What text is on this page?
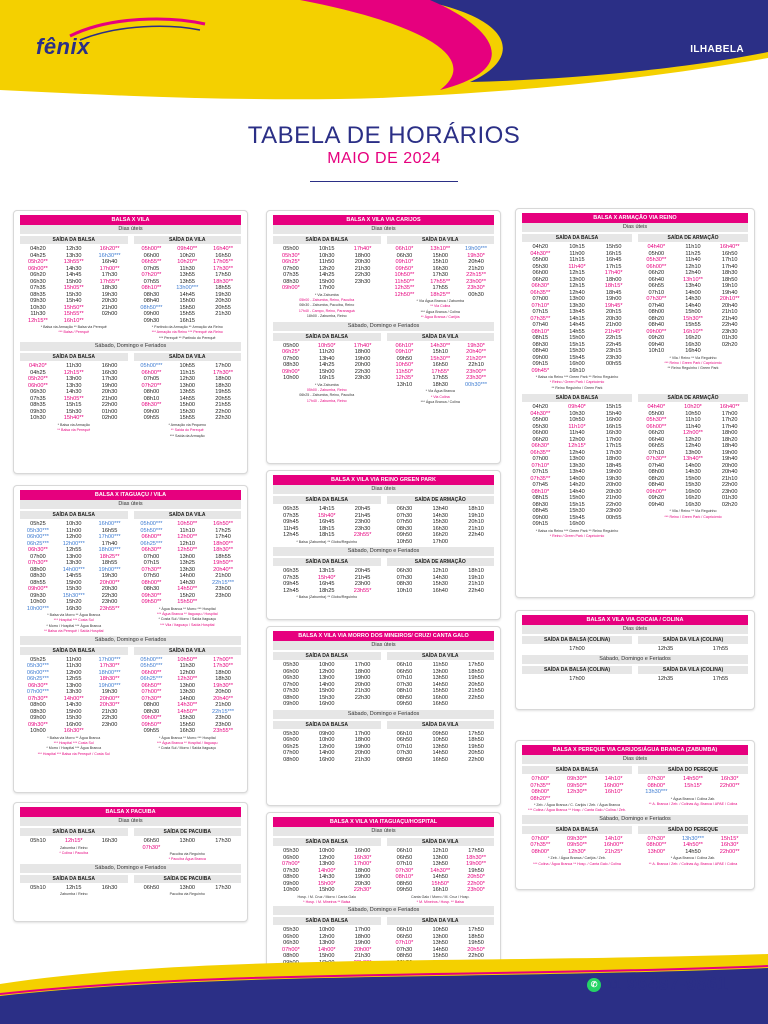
fênix	ILHABELA
TABELA DE HORÁRIOS
MAIO DE 2024
BALSA X VILA
Dias úteis
SAÍDA DA BALSA
04h20	12h30	16h20**
04h25	13h30	16h30***
05h20**	13h55**	16h40
06h00**	14h30	17h00**
06h20	14h45	17h30
06h30	15h00	17h55**
07h35	15h05**	18h30
08h35	15h30	19h30
09h30	15h40	20h30
10h30	15h50**	21h00
11h30	15h55**	02h00
12h15**	16h10**
* Balsa via Armação ** Balsa via Perequê
*** Balsa / Perequê
SAÍDA DA VILA
05h00**	09h40**	16h40**
06h00	10h20	16h50
06h55**	10h20**	17h05**
07h05	11h30	17h30**
07h20**	13h55	17h50
07h55	13h55	18h30**
08h10**	13h00***	18h55
08h30	14h45	19h30
08h40	15h00	20h30
08h50***	15h50	20h55
09h00	15h55	21h30
09h30	16h15
* Partindo da Armação ** Armação via Reino
*** Armação via Reino *** Perequê via Reino
*** Perequê ** Partindo do Perequê
Sábado, Domingo e Feriados
SAÍDA DA BALSA
04h20*	11h30	16h00
04h25	12h15**	16h30
05h20**	13h00	17h30
06h00**	13h30	19h00
06h30	14h30	20h30
07h35	15h05**	21h00
08h35	15h15	22h00
09h30	15h30	01h00
10h30	15h40**	02h00
* Balsa via Armação
** Balsa via Perequê
SAÍDA DA VILA
05h00***	10h55	17h00
06h00**	11h15	17h30**
07h05	12h30	18h00
07h20**	13h00	18h30
08h00	13h55	19h55
08h10	14h55	20h55
08h30**	15h00	21h55
09h00	15h30	22h00
09h55	15h55	22h30
* Armação via Pequeno
** Saída do Perequê
*** Saída da Armação
BALSA X ITAGUAÇU / VILA
Dias úteis
SAÍDA DA BALSA
05h25	10h30	16h00***
05h30***	11h00	16h55
06h00***	12h00	17h00***
06h25***	12h00***	17h40
06h30**	12h55	18h00***
07h00	13h00	18h25**
07h30**	13h30	18h55
08h00	14h00***	19h00***
08h30	14h55	19h30
08h55	15h00	20h00**
09h00**	15h30	20h30
09h30	15h30***	22h30
10h00	15h20	23h00
10h00***	16h30	23h55**
* Balsa via Morro ** Água Branca
*** Hospital *** Costa Sul
* Morro / Hospital *** Água Branca
** Balsa via Perequê / Saída Hospital
SAÍDA DA VILA
05h00***	10h50**	16h50**
05h50***	11h10	17h25
06h00**	12h00**	17h40
06h25***	12h10	18h00**
06h30**	12h50**	18h30**
07h00	13h00	18h55
07h15	13h25	19h50**
07h30**	13h30	20h40**
07h50	14h00	21h00
08h00**	14h30	22h15***
08h30	14h50**	23h00
09h30**	15h20	23h00
09h50**	15h50**
* Água Branca ** Morro *** Hospital
*** Água Branca ** Itaguaçu / Hospital
* Costa Sul / Morro / Saída Itaguaçu
*** Vila / Itaguaçu / Saída Hospital
Sábado, Domingo e Feriados
SAÍDA DA BALSA
05h25	11h00	17h00***
05h30***	11h30	17h30**
06h00***	12h00	18h00***
06h25***	12h55	18h30**
06h30**	13h00	19h00***
07h00***	13h30	19h30
07h30**	14h00**	20h00**
08h00	14h30	20h30**
08h30	15h00	21h30
09h00	15h30	22h30
09h30**	16h00	23h00
10h00	16h30**
* Balsa via Morro ** Água Branca
*** Hospital *** Costa Sul
* Morro / Hospital *** Água Branca
*** Hospital *** Balsa via Perequê / Costa Sul
SAÍDA DA VILA
05h00***	10h50**	17h00**
05h50***	11h30	17h30**
06h00**	12h00	18h00
06h25***	12h30**	18h30
06h50**	13h00	19h30**
07h00**	13h30	20h00
07h30**	14h00	20h40**
08h00	14h30**	21h00
08h30	14h50**	22h15***
09h00**	15h30	23h00
09h50**	15h50	23h00
09h55	16h30	23h55**
* Água Branca ** Morro *** Hospital
*** Água Branca ** Hospital / Itaguaçu
* Costa Sul / Morro / Saída Itaguaçu
BALSA X PACUIBA
Dias úteis
SAÍDA DA BALSA
05h10	12h15*	16h30
Zabumba / Reino
* Colina / Pacuíba
SAÍDA DE PACUIBA
06h50	13h00	17h30
07h30*
Pacuíba via Reguinho
* Pacuíba Água Branca
Sábado, Domingo e Feriados
SAÍDA DA BALSA
05h10	12h15	16h30
Zabumba / Reino
SAÍDA DE PACUIBA
06h50	13h00	17h30
Pacuíba via Reguinho
BALSA X VILA VIA CARIJOS
Dias úteis
SAÍDA DA BALSA
05h00	10h15	17h40*
05h30*	10h30	18h00
06h25*	11h50	20h30
07h00	12h20	21h30
07h35	14h25	22h30
08h30	15h00	23h30
09h00*	17h00
* Via Zabumba
05h00 - Zabumba, Reino, Pacuíba
06h30 - Zabumba, Pacuíba, Reino
17h40 - Campo, Reino, Paranaguá
18h00 - Zabumba, Reino
SAÍDA DA VILA
06h10*	13h10**	19h00***
06h30	15h00	19h30*
09h10*	15h10	20h40
09h50*	16h30	21h20
10h50**	17h30	22h15**
11h50**	17h55**	23h00**
12h35**	17h55	23h30*
12h50**	18h25**	00h30
* Via Água Branca / Zabumba
** Via Colina
*** Água Branca / Colina
** Água Branca / Carijós
Sábado, Domingo e Feriados
SAÍDA DA BALSA
05h00	10h50*	17h40*
06h25*	11h20	18h00
07h00	13h40	19h00
08h30	14h25	20h00
09h00*	15h00	22h30
10h00	16h15	23h30
* Via Zabumba
05h00 - Zabumba, Reino
06h25 - Zabumba, Reino, Pacuíba
17h40 - Zabumba, Reino
SAÍDA DA VILA
06h10*	14h30**	19h30*
09h10*	15h10	20h40**
09h50	15h30**	21h20**
10h50*	16h50	22h10
11h50*	17h55*	23h00**
12h35*	17h55	23h30**
13h10	18h30	00h30***
* Via Água Branca
* Via Colina
*** Água Branca / Colina
BALSA X VILA VIA REINO GREEN PARK
Dias úteis
SAÍDA DA BALSA
06h35	14h15	20h45
07h35	15h40*	21h45
09h45	16h45	23h00
11h45	18h15	23h30
12h45	18h15	23h55*
* Balsa (Zabumba) ** Globo/Reguinho
SAÍDA DE ARMAÇÃO
06h30	13h40	18h10
07h30	14h30	19h10
07h50	15h30	20h10
08h30	16h30	21h10
09h50	16h20	22h40
10h50	17h00
Sábado, Domingo e Feriados
SAÍDA DA BALSA
06h35	13h15	20h45
07h35	15h40*	21h45
09h45	16h45	23h00
12h45	18h25	23h55*
* Balsa (Zabumba) ** Globo/Reguinho
SAÍDA DE ARMAÇÃO
06h30	12h10	18h10
07h30	14h30	19h10
08h30	15h30	21h10
10h10	16h40	22h40
BALSA X VILA VIA MORRO DOS MINEIROS/ CRUZ/ CANTA GALO
Dias úteis
SAÍDA DA BALSA
05h30	10h00	17h00
06h00	12h00	18h00
06h30	13h00	19h00
07h00	14h00	20h00
07h30	15h00	21h30
08h00	15h30	22h30
09h00	16h00
SAÍDA DA VILA
06h10	11h50	17h50
06h50	13h00	18h50
07h10	13h50	19h50
07h30	14h50	20h50
08h10	15h50	21h50
08h50	16h00	22h50
09h50	16h50
Sábado, Domingo e Feriados
SAÍDA DA BALSA
05h30	09h00	17h00
06h00	10h00	18h00
06h25	12h00	19h00
07h00	14h00	20h00
08h00	16h00	21h30
SAÍDA DA VILA
06h10	09h50	17h50
06h50	10h50	18h50
07h10	13h50	19h50
07h30	14h50	20h50
08h50	16h50	22h00
BALSA X VILA VIA ITAGUAÇU/HOSPITAL
Dias úteis
SAÍDA DA BALSA
05h30	10h00	16h00
06h00	12h00	16h30*
07h00*	13h00	17h00*
07h30	14h00*	18h00
08h00	14h30	19h00
09h00	15h00*	20h30
10h00	15h00	22h30*
Hosp. / M. Cruz / Morro / Canta Galo
* Hosp. / M. Mineiros ** Balsa
SAÍDA DA VILA
06h10	12h10	17h50
06h50	13h00	18h30**
07h10	13h50	19h00**
07h30*	14h30**	19h50
08h10*	14h50	20h50*
08h50	15h50*	22h00*
09h50	16h10	23h00*
Canta Galo / Morro / M. Cruz / Hosp.
* M. Mineiros / Hosp. ** Balsa
Sábado, Domingo e Feriados
SAÍDA DA BALSA
05h30	10h00	17h00
06h00	12h00	18h00
06h30	13h00	19h00
07h00*	14h00*	20h00*
08h00	15h00	21h30
SAÍDA DA VILA
06h10	10h50	17h50
06h50	13h00	18h50
07h10*	13h50	19h50
07h30	14h50	20h50*
08h50	15h50	22h00
BALSA X ARMAÇÃO VIA REINO
Dias úteis
SAÍDA DA BALSA
04h20	10h15	15h50
04h30**	11h00	16h15
05h00	11h15	16h45
05h30	11h40*	17h15
06h00	12h15	17h40*
06h20	13h00	18h00
06h30*	12h15	18h15*
06h35**	12h40	18h45
07h00	13h00	19h00
07h10*	13h30	19h45*
07h15	13h45	20h15
07h35**	14h15	20h30
07h40	14h45	21h00
08h10*	14h55	21h45*
08h15	15h00	22h15
08h30	15h15	22h45
08h40	15h30	23h15
09h00	15h45	23h30
09h15	16h00	00h55
09h45*	16h10
* Balsa via Reino *** Green Park ** Reino Reguinho
* Reino / Green Park / Capricórnio
** Reino Reguinho / Green Park
SAÍDA DE ARMAÇÃO
04h40*	11h10	16h40**
05h00	11h25	16h50
05h30**	11h40	17h10
06h00**	12h10	17h40
06h20	12h40	18h30
06h40	13h10**	18h50
06h55	13h40	19h10
07h10	14h00	19h40
07h30**	14h30	20h10**
07h40	14h40	20h40
08h00	15h00	21h10
08h20	15h30**	21h40
08h40	15h55	22h40
09h00**	16h10**	23h30
09h20	16h20	01h30
09h40	16h30	02h20
10h10	16h40
* Vila / Reino ** Via Reguinho
*** Reino / Green Park / Capricórnio
** Reino Reguinho / Green Park
SAÍDA DA BALSA
04h20	09h40*	15h15
04h30**	10h30	15h40
05h00	10h50	16h00
05h30	11h10*	16h15
06h00	11h40	16h30
06h20	12h00	17h00
06h30*	12h15*	17h15
06h35**	12h40	17h30
07h00	13h00	18h00
07h10*	13h30	18h45
07h15	13h40	19h00
07h35**	14h00	19h30
07h45	14h20	20h00
08h10*	14h40	20h30
08h15	15h00	21h00
08h30	15h15	22h00
08h45	15h30	23h00
09h00	15h45	00h55
09h15	16h00
* Balsa via Reino *** Green Park ** Reino Reguinho
* Reino / Green Park / Capricórnio
SAÍDA DE ARMAÇÃO
04h40*	10h20*	16h40**
05h00	10h50	17h00
05h30**	11h10	17h20
06h00**	11h40	17h40
06h20	12h00**	18h00
06h40	12h20	18h20
06h55	12h40	18h40
07h10	13h00	19h00
07h30**	13h40**	19h40
07h40	14h00	20h00
08h00	14h30	20h40
08h20	15h00	21h10
08h40	15h30	22h00
09h00**	16h00	23h00
09h20	16h20	01h30
09h40	16h30	02h20
* Vila / Reino ** Via Reguinho
*** Reino / Green Park / Capricórnio
BALSA X VILA VIA COCAIA / COLINA
Dias úteis
SAÍDA DA BALSA (COLINA)
17h00
SAÍDA DA VILA (COLINA)
12h35	17h55
Sábado, Domingo e Feriados
SAÍDA DA BALSA (COLINA)
17h00
SAÍDA DA VILA (COLINA)
12h35	17h55
BALSA X PEREQUE VIA CARIJOS/ÁGUA BRANCA (ZABUMBA)
Dias úteis
SAÍDA DA BALSA
07h00*	09h30**	14h10*
07h35**	09h50**	16h00**
08h00*	12h30**	16h10*
08h20**
* Zeb. / Água Branca / C. Carijós / Zeb. / Água Branca
*** Colina / Água Branca ** Hosp. / Canta Galo / Colina / Zeb.
SAÍDA DO PEREQUE
07h30*	14h50**	16h30*
08h00*	15h15*	22h00**
13h30***
* Água Branca / Colina Zab.
** A. Branca / Zeb. / Colinas Ag. Branca / APAE / Colina
Sábado, Domingo e Feriados
SAÍDA DA BALSA
07h00*	09h30**	14h10*
07h35**	09h50**	16h00**
08h00*	12h30*	21h25*
* Zeb. / Água Branca / Carijós / Zeb.
*** Colina / Água Branca ** Hosp. / Canta Galo / Colina
SAÍDA DO PEREQUE
07h30*	13h30***	15h15*
08h00**	14h50**	16h30*
13h00*	14h50	22h00**
* Água Branca / Colina Zab.
** A. Branca / Zeb. / Colinas Ag. Branca / APAE / Colina
✆ 11 96497-9861
